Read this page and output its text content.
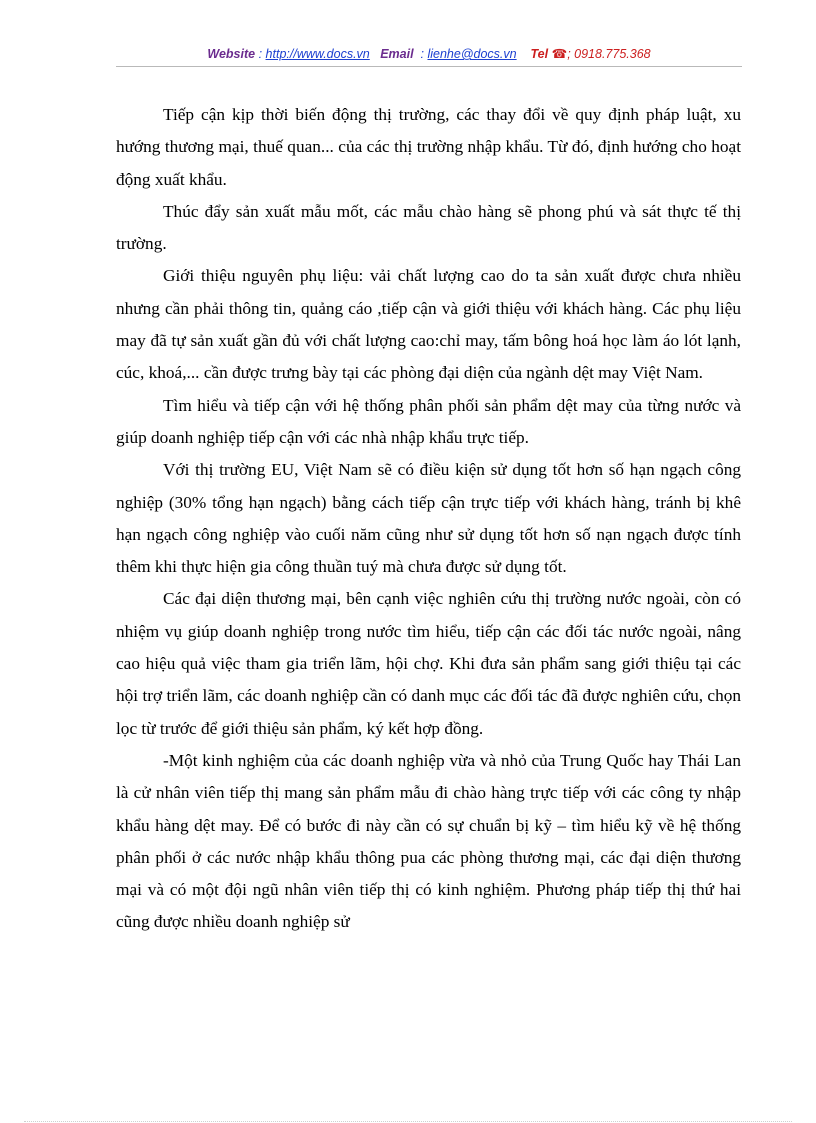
Website : http://www.docs.vn Email : lienhe@docs.vn Tel ☎; 0918.775.368

Tiếp cận kịp thời biến động thị trường, các thay đổi về quy định pháp luật, xu hướng thương mại, thuế quan... của các thị trường nhập khẩu. Từ đó, định hướng cho hoạt động xuất khẩu.

Thúc đẩy sản xuất mẫu mốt, các mẫu chào hàng sẽ phong phú và sát thực tế thị trường.

Giới thiệu nguyên phụ liệu: vải chất lượng cao do ta sản xuất được chưa nhiều nhưng cần phải thông tin, quảng cáo ,tiếp cận và giới thiệu với khách hàng. Các phụ liệu may đã tự sản xuất gần đủ với chất lượng cao:chỉ may, tấm bông hoá học làm áo lót lạnh, cúc, khoá,... cần được trưng bày tại các phòng đại diện của ngành dệt may Việt Nam.

Tìm hiểu và tiếp cận với hệ thống phân phối sản phẩm dệt may của từng nước và giúp doanh nghiệp tiếp cận với các nhà nhập khẩu trực tiếp.

Với thị trường EU, Việt Nam sẽ có điều kiện sử dụng tốt hơn số hạn ngạch công nghiệp (30% tổng hạn ngạch) bằng cách tiếp cận trực tiếp với khách hàng, tránh bị khê hạn ngạch công nghiệp vào cuối năm cũng như sử dụng tốt hơn số nạn ngạch được tính thêm khi thực hiện gia công thuần tuý mà chưa được sử dụng tốt.

Các đại diện thương mại, bên cạnh việc nghiên cứu thị trường nước ngoài, còn có nhiệm vụ giúp doanh nghiệp trong nước tìm hiểu, tiếp cận các đối tác nước ngoài, nâng cao hiệu quả việc tham gia triển lãm, hội chợ. Khi đưa sản phẩm sang giới thiệu tại các hội trợ triển lãm, các doanh nghiệp cần có danh mục các đối tác đã được nghiên cứu, chọn lọc từ trước để giới thiệu sản phẩm, ký kết hợp đồng.

-Một kinh nghiệm của các doanh nghiệp vừa và nhỏ của Trung Quốc hay Thái Lan là cử nhân viên tiếp thị mang sản phẩm mẫu đi chào hàng trực tiếp với các công ty nhập khẩu hàng dệt may. Để có bước đi này cần có sự chuẩn bị kỹ – tìm hiểu kỹ về hệ thống phân phối ở các nước nhập khẩu thông pua các phòng thương mại, các đại diện thương mại và có một đội ngũ nhân viên tiếp thị có kinh nghiệm. Phương pháp tiếp thị thứ hai cũng được nhiều doanh nghiệp sử
